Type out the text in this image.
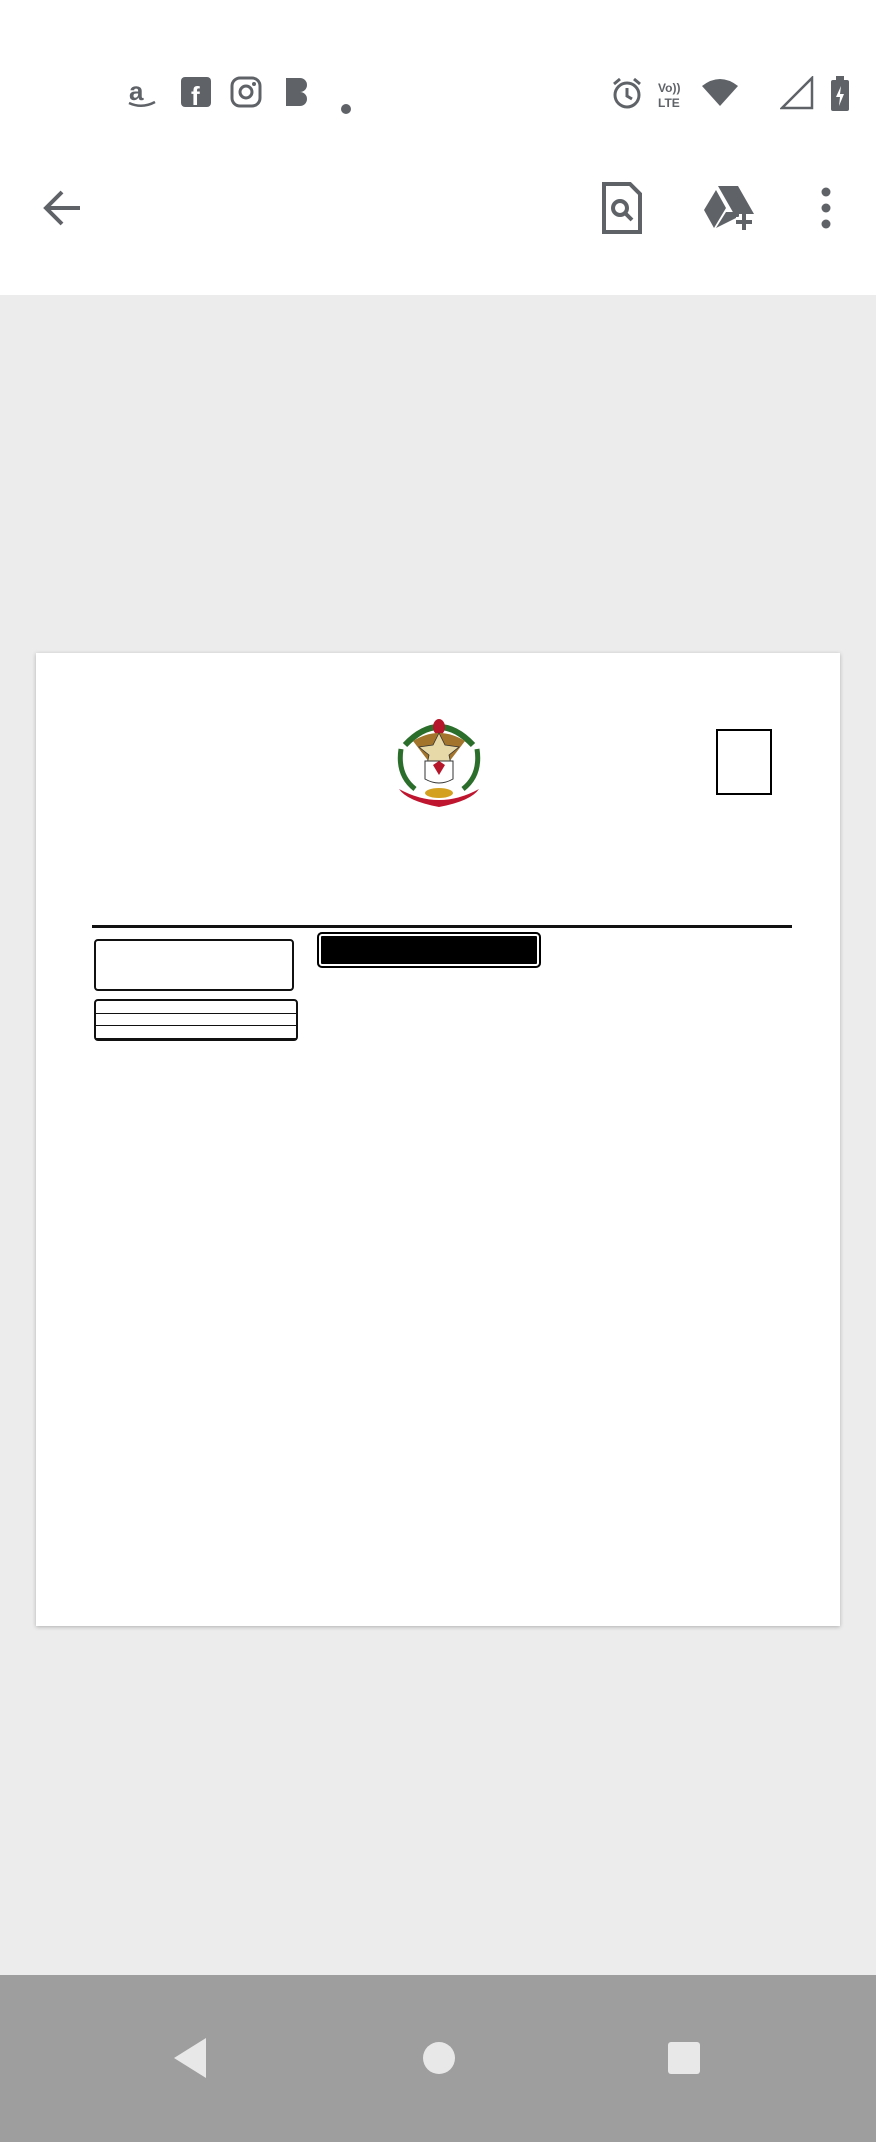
a f	Vo))
LTE
